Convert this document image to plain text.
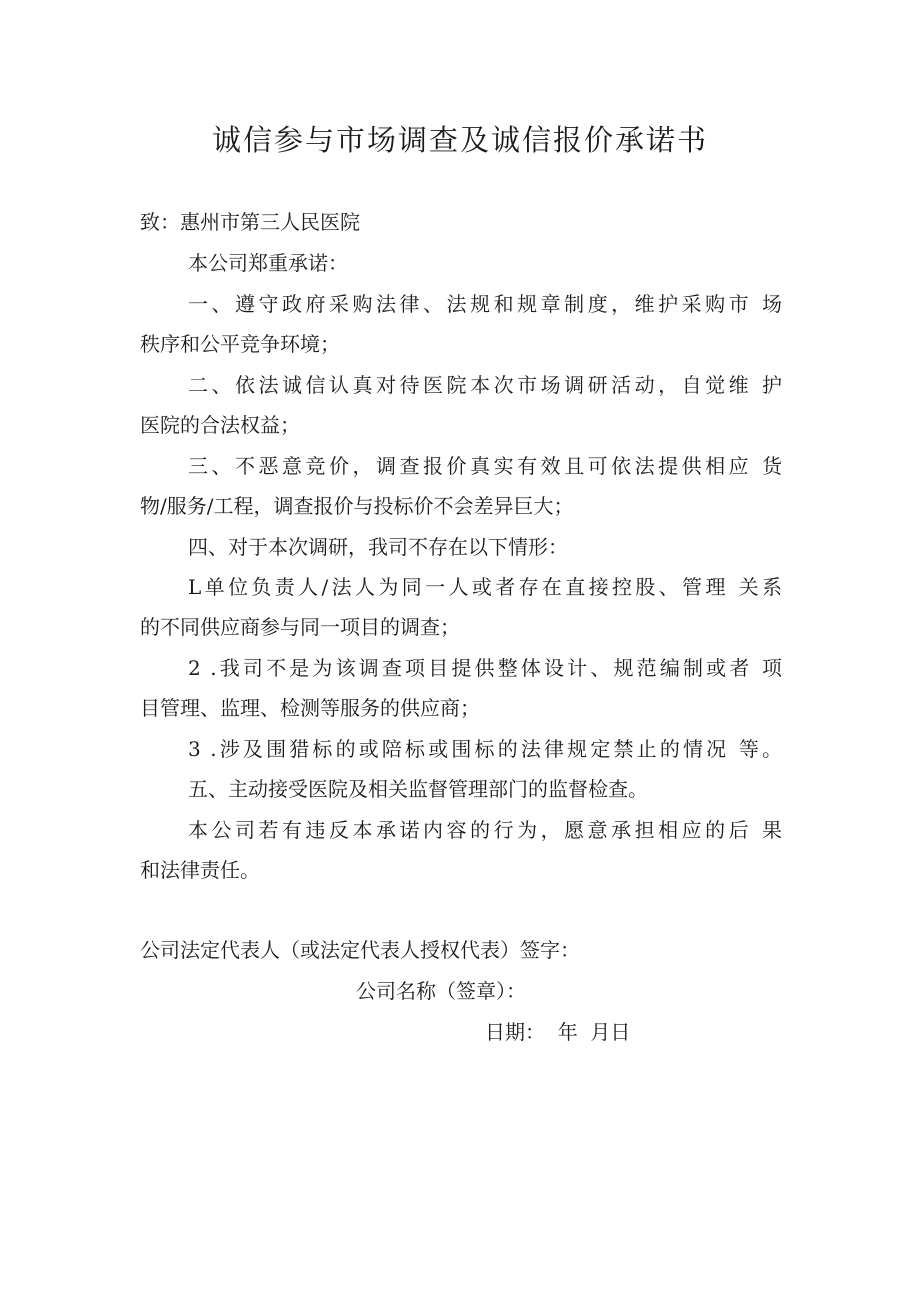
诚信参与市场调查及诚信报价承诺书

致：惠州市第三人民医院

本公司郑重承诺：

一、遵守政府采购法律、法规和规章制度，维护采购市 场

秩序和公平竞争环境；

二、依法诚信认真对待医院本次市场调研活动，自觉维 护

医院的合法权益；

三、不恶意竞价，调查报价真实有效且可依法提供相应 货

物/服务/工程，调查报价与投标价不会差异巨大；

四、对于本次调研，我司不存在以下情形：

L单位负责人/法人为同一人或者存在直接控股、管理 关系

的不同供应商参与同一项目的调查；

2 .我司不是为该调查项目提供整体设计、规范编制或者 项

目管理、监理、检测等服务的供应商；

3 .涉及围猎标的或陪标或围标的法律规定禁止的情况 等。

五、主动接受医院及相关监督管理部门的监督检查。

本公司若有违反本承诺内容的行为，愿意承担相应的后 果

和法律责任。

公司法定代表人（或法定代表人授权代表）签字：

公司名称（签章）：

日期：  年  月日
